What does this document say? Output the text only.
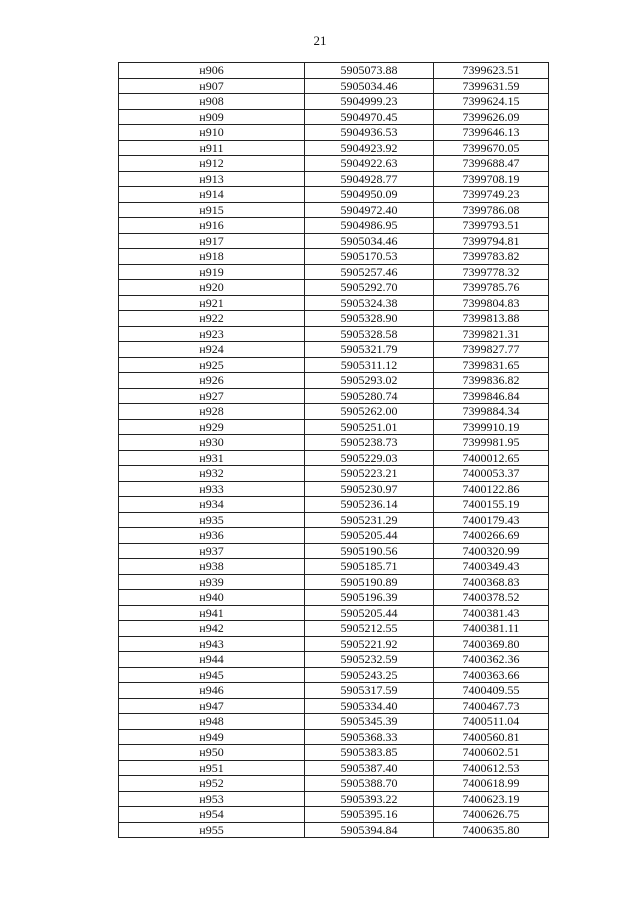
21
н906	5905073.88	7399623.51
н907	5905034.46	7399631.59
н908	5904999.23	7399624.15
н909	5904970.45	7399626.09
н910	5904936.53	7399646.13
н911	5904923.92	7399670.05
н912	5904922.63	7399688.47
н913	5904928.77	7399708.19
н914	5904950.09	7399749.23
н915	5904972.40	7399786.08
н916	5904986.95	7399793.51
н917	5905034.46	7399794.81
н918	5905170.53	7399783.82
н919	5905257.46	7399778.32
н920	5905292.70	7399785.76
н921	5905324.38	7399804.83
н922	5905328.90	7399813.88
н923	5905328.58	7399821.31
н924	5905321.79	7399827.77
н925	5905311.12	7399831.65
н926	5905293.02	7399836.82
н927	5905280.74	7399846.84
н928	5905262.00	7399884.34
н929	5905251.01	7399910.19
н930	5905238.73	7399981.95
н931	5905229.03	7400012.65
н932	5905223.21	7400053.37
н933	5905230.97	7400122.86
н934	5905236.14	7400155.19
н935	5905231.29	7400179.43
н936	5905205.44	7400266.69
н937	5905190.56	7400320.99
н938	5905185.71	7400349.43
н939	5905190.89	7400368.83
н940	5905196.39	7400378.52
н941	5905205.44	7400381.43
н942	5905212.55	7400381.11
н943	5905221.92	7400369.80
н944	5905232.59	7400362.36
н945	5905243.25	7400363.66
н946	5905317.59	7400409.55
н947	5905334.40	7400467.73
н948	5905345.39	7400511.04
н949	5905368.33	7400560.81
н950	5905383.85	7400602.51
н951	5905387.40	7400612.53
н952	5905388.70	7400618.99
н953	5905393.22	7400623.19
н954	5905395.16	7400626.75
н955	5905394.84	7400635.80
